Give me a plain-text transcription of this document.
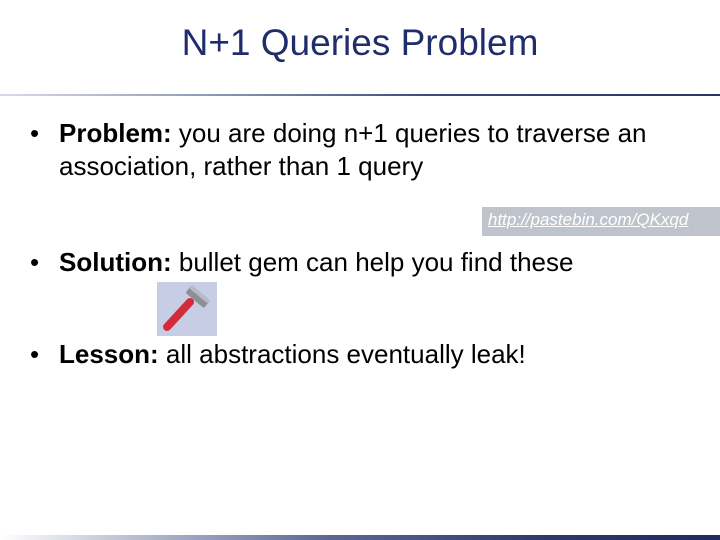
N+1 Queries Problem
• Problem: you are doing n+1 queries to traverse an association, rather than 1 query
http://pastebin.com/QKxqd
• Solution: bullet gem can help you find these
• Lesson: all abstractions eventually leak!
